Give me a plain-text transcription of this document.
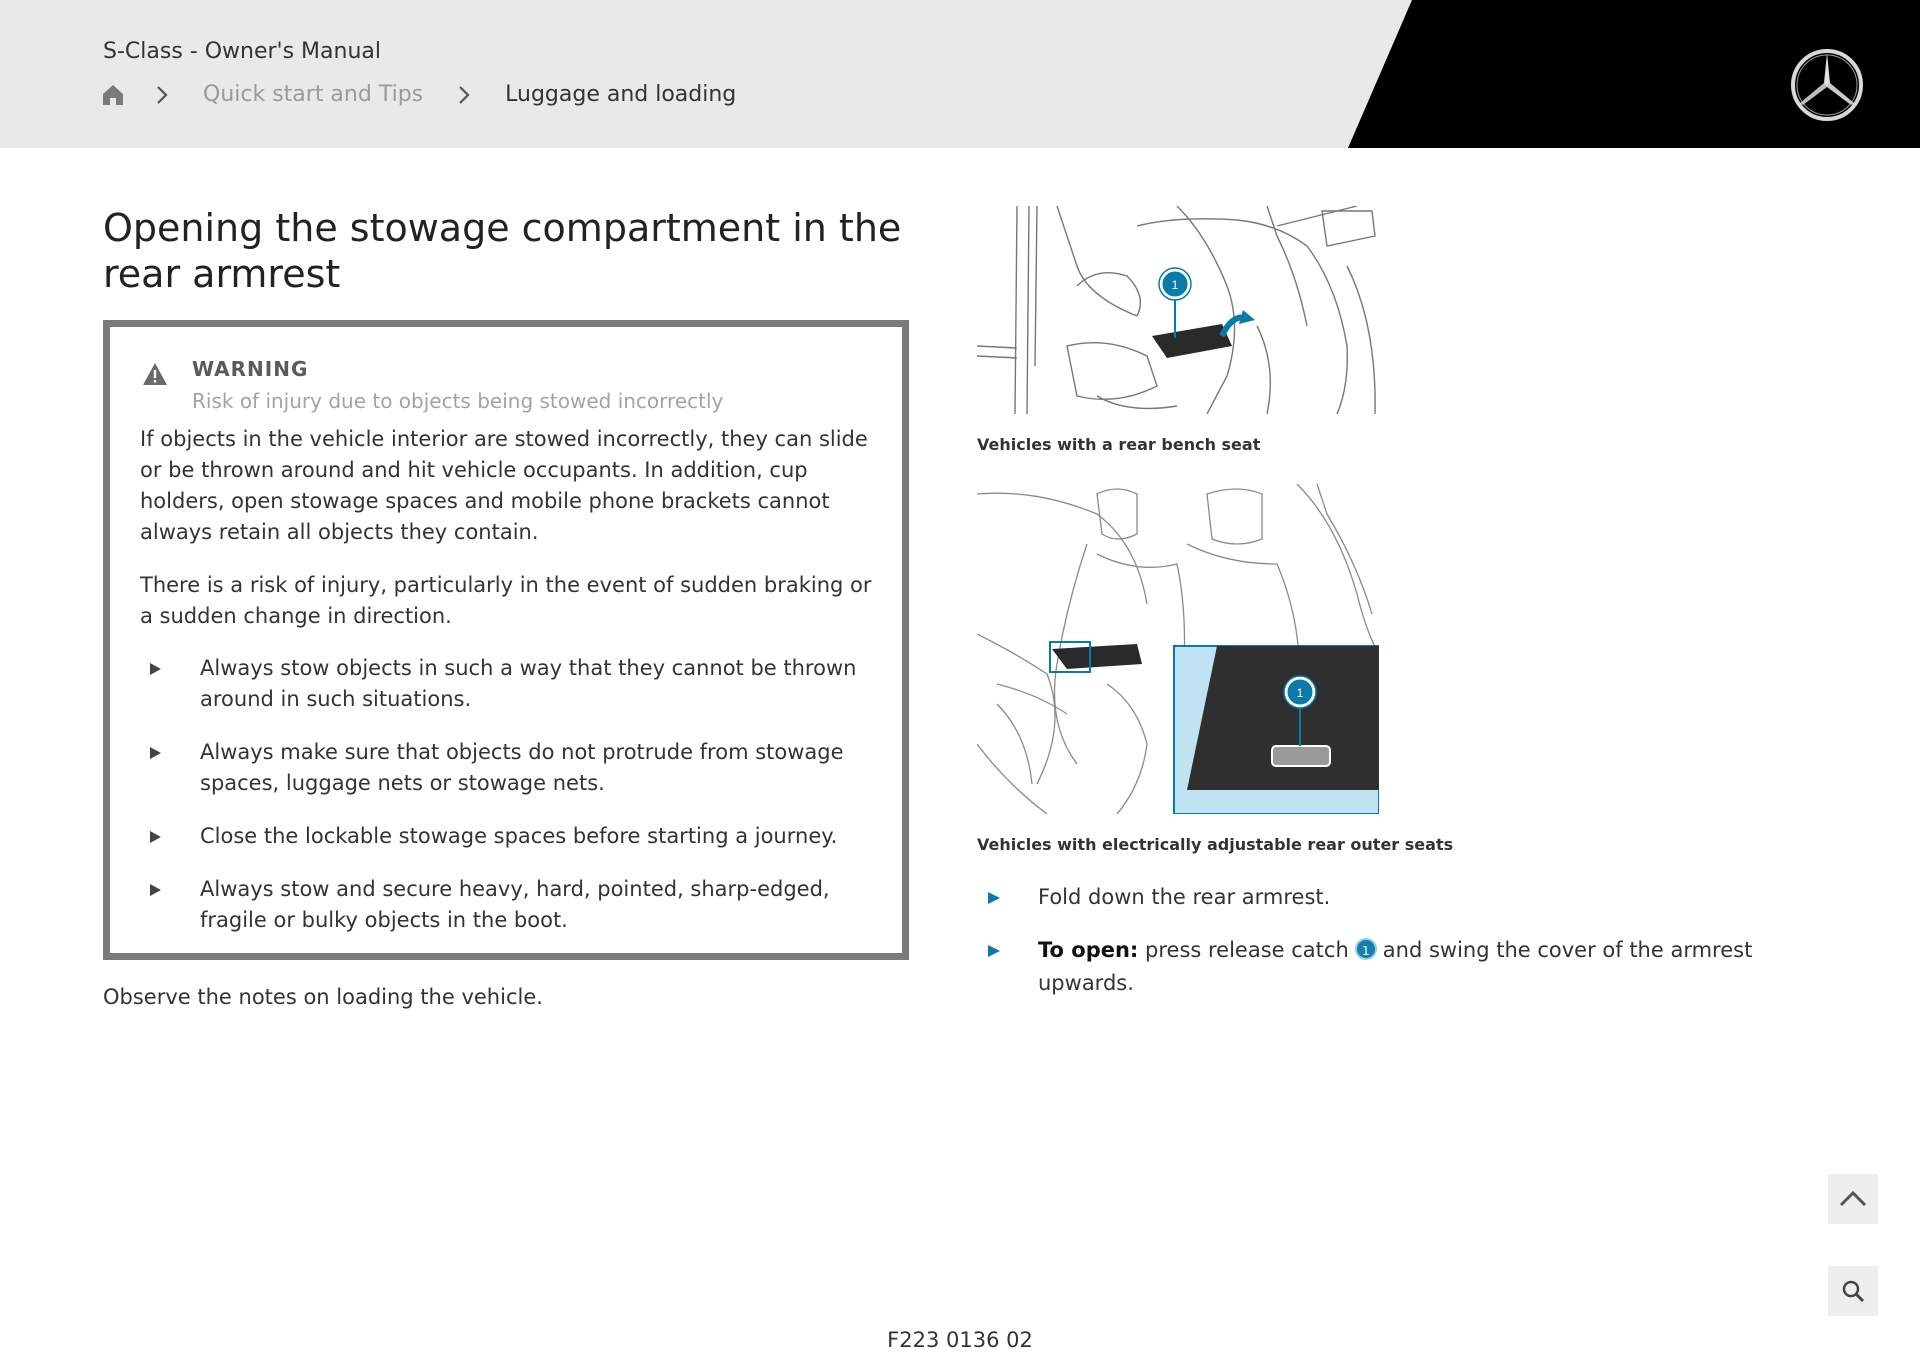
S-Class - Owner's Manual
Quick start and Tips	Luggage and loading
Opening the stowage compartment in the rear armrest
WARNING
Risk of injury due to objects being stowed incorrectly

If objects in the vehicle interior are stowed incorrectly, they can slide or be thrown around and hit vehicle occupants. In addition, cup holders, open stowage spaces and mobile phone brackets cannot always retain all objects they contain.

There is a risk of injury, particularly in the event of sudden braking or a sudden change in direction.

Always stow objects in such a way that they cannot be thrown around in such situations.
Always make sure that objects do not protrude from stowage spaces, luggage nets or stowage nets.
Close the lockable stowage spaces before starting a journey.
Always stow and secure heavy, hard, pointed, sharp-edged, fragile or bulky objects in the boot.

Observe the notes on loading the vehicle.

1
Vehicles with a rear bench seat
1
Vehicles with electrically adjustable rear outer seats
Fold down the rear armrest.
To open: press release catch 1 and swing the cover of the armrest upwards.
F223 0136 02
